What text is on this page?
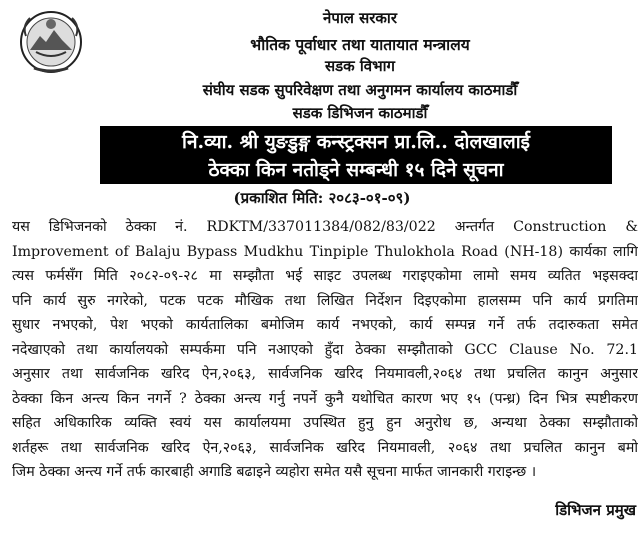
नेपाल सरकार
भौतिक पूर्वाधार तथा यातायात मन्त्रालय
सडक विभाग
संघीय सडक सुपरिवेक्षण तथा अनुगमन कार्यालय काठमाडौँ
सडक डिभिजन काठमाडौँ
नि.व्या. श्री युङडुङ्ग कन्स्ट्रक्सन प्रा.लि.. दोलखालाई
ठेक्का किन नतोड्ने सम्बन्धी १५ दिने सूचना
(प्रकाशित मिति: २०८३-०१-०९)
यस डिभिजनको ठेक्का नं. RDKTM/337011384/082/83/022 अन्तर्गत Construction &
Improvement of Balaju Bypass Mudkhu Tinpiple Thulokhola Road (NH-18) कार्यका लागि
त्यस फर्मसँग मिति २०८२-०९-२८ मा सम्झौता भई साइट उपलब्ध गराइएकोमा लामो समय व्यतित भइसक्दा
पनि कार्य सुरु नगरेको, पटक पटक मौखिक तथा लिखित निर्देशन दिइएकोमा हालसम्म पनि कार्य प्रगतिमा
सुधार नभएको, पेश भएको कार्यतालिका बमोजिम कार्य नभएको, कार्य सम्पन्न गर्ने तर्फ तदारुकता समेत
नदेखाएको तथा कार्यालयको सम्पर्कमा पनि नआएको हुँदा ठेक्का सम्झौताको GCC Clause No. 72.1
अनुसार तथा सार्वजनिक खरिद ऐन,२०६३, सार्वजनिक खरिद नियमावली,२०६४ तथा प्रचलित कानुन अनुसार
ठेक्का किन अन्त्य किन नगर्ने ? ठेक्का अन्त्य गर्नु नपर्ने कुनै यथोचित कारण भए १५ (पन्ध्र) दिन भित्र स्पष्टीकरण
सहित अधिकारिक व्यक्ति स्वयं यस कार्यालयमा उपस्थित हुनु हुन अनुरोध छ, अन्यथा ठेक्का सम्झौताको
शर्तहरू तथा सार्वजनिक खरिद ऐन,२०६३, सार्वजनिक खरिद नियमावली, २०६४ तथा प्रचलित कानुन बमो
जिम ठेक्का अन्त्य गर्ने तर्फ कारबाही अगाडि बढाइने व्यहोरा समेत यसै सूचना मार्फत जानकारी गराइन्छ ।
डिभिजन प्रमुख
